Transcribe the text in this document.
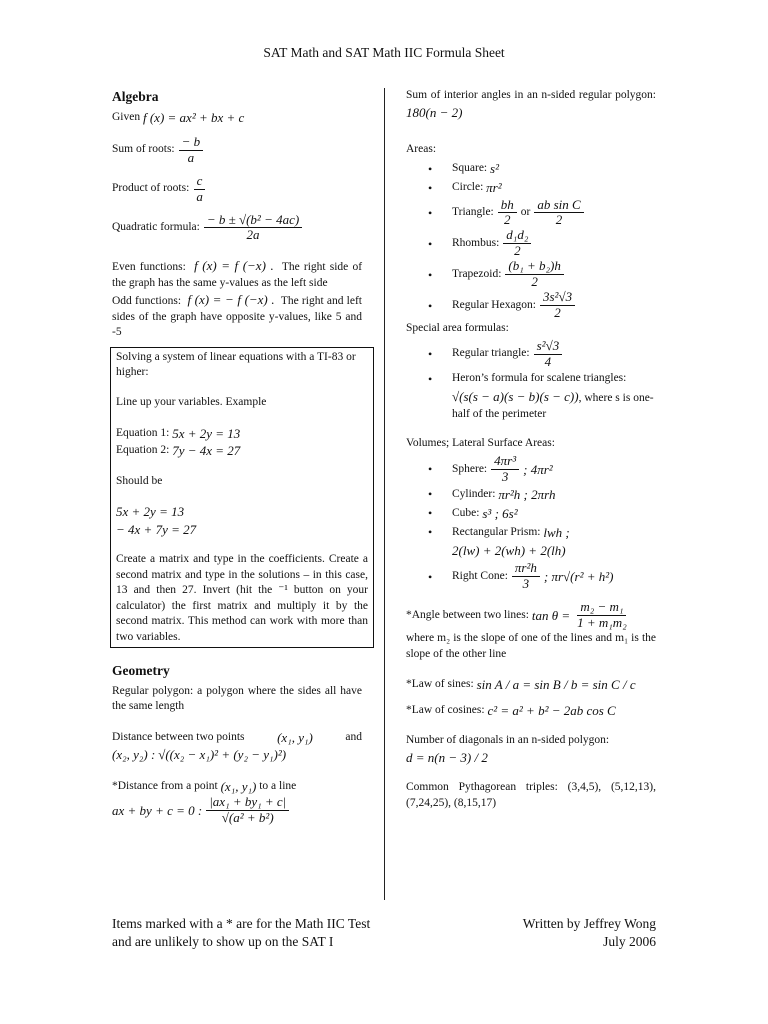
SAT Math and SAT Math IIC Formula Sheet
Algebra
Given
f (x) = ax² + bx + c
Sum of roots: $\frac{- b}{a}$
Product of roots: $\frac{c}{a}$
Quadratic formula: $\frac{\text{− b ± √(b² − 4ac)}}{2a}$
Even functions: f (x) = f (−x) . The right side of the graph has the same y-values as the left side
Odd functions: f (x) = − f (−x) . The right and left sides of the graph have opposite y-values, like 5 and -5

Solving a system of linear equations with a TI-83 or higher:

Line up your variables. Example

Equation 1:
5x + 2y = 13
Equation 2:
7y − 4x = 27

Should be

5x + 2y = 13
− 4x + 7y = 27

Create a matrix and type in the coefficients. Create a second matrix and type in the solutions – in this case, 13 and then 27. Invert (hit the ⁻¹ button on your calculator) the first matrix and multiply it by the second matrix. This method can work with more than two variables.

Geometry
Regular polygon: a polygon where the sides all have the same length
Distance between two points	(x₁, y₁)	and
(x₂, y₂) :
√((x₂ − x₁)² + (y₂ − y₁)²)
*Distance from a point
(x₁, y₁)
to a line
ax + by + c = 0 : $\frac{\text{|ax₁ + by₁ + c|}}{\text{√(a² + b²)}}$
Sum of interior angles in an n-sided regular polygon: 180(n − 2)
Areas:
• Square:
s²
• Circle:
πr²
• Triangle: $\frac{bh}{2}$ or $\frac{\text{ab sin C}}{2}$
• Rhombus: $\frac{\text{d₁d₂}}{2}$
• Trapezoid: $\frac{\text{(b₁ + b₂)h}}{2}$
• Regular Hexagon: $\frac{\text{3s²√3}}{2}$
Special area formulas:
• Regular triangle: $\frac{\text{s²√3}}{4}$
• Heron’s formula for scalene triangles:
√(s(s − a)(s − b)(s − c)), where s is one-half of the perimeter
Volumes; Lateral Surface Areas:
• Sphere: $\frac{\text{4πr³}}{3}$ ; 4πr²
• Cylinder:
πr²h ; 2πrh
• Cube:
s³ ; 6s²
• Rectangular Prism:
lwh ;
2(lw) + 2(wh) + 2(lh)
• Right Cone: $\frac{\text{πr²h}}{3}$ ; πr√(r² + h²)
*Angle between two lines:
$\tan \theta = \frac{\text{m₂ − m₁}}{\text{1 + m₁m₂}}$
where m₂ is the slope of one of the lines and m₁ is the slope of the other line
*Law of sines:
sin A / a = sin B / b = sin C / c
*Law of cosines:
c² = a² + b² − 2ab cos C
Number of diagonals in an n-sided polygon:
d = n(n − 3) / 2
Common Pythagorean triples: (3,4,5), (5,12,13), (7,24,25), (8,15,17)
Items marked with a * are for the Math IIC Test
and are unlikely to show up on the SAT I
Written by Jeffrey Wong
July 2006
